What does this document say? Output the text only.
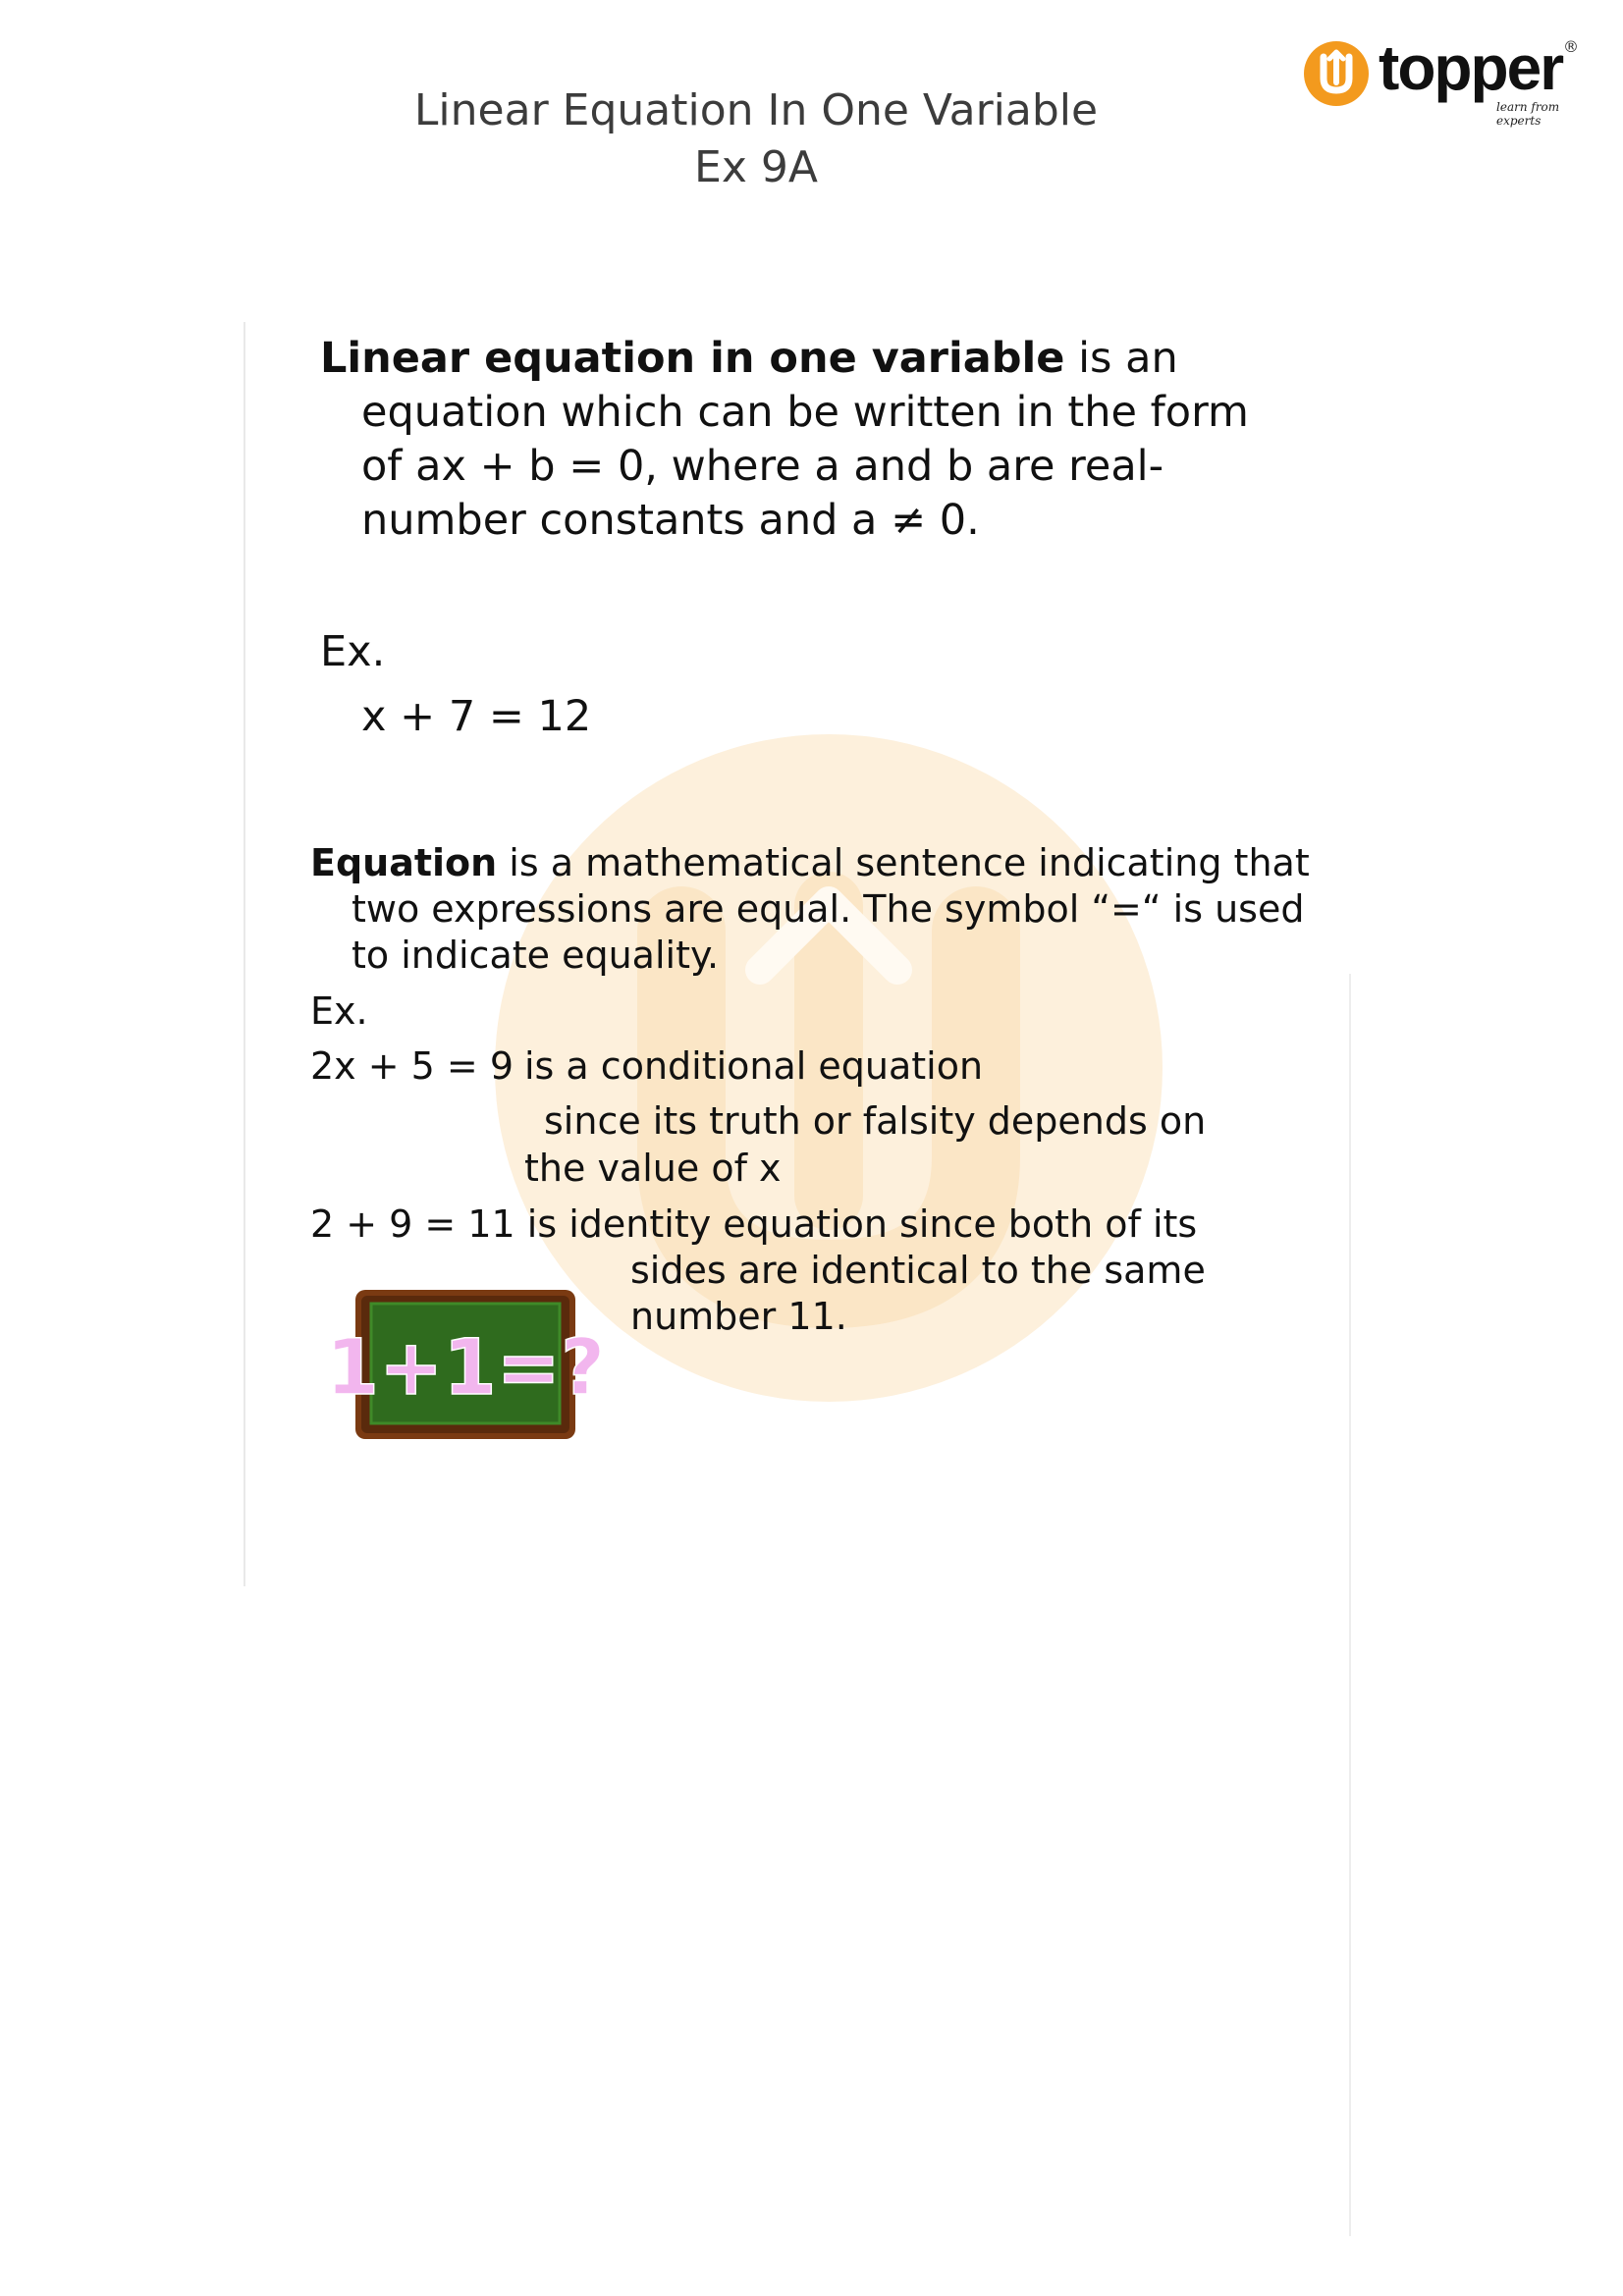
Linear Equation In One Variable
Ex 9A
topper ®
learn from experts
Linear equation in one variable is an
equation which can be written in the form
of ax + b = 0, where a and b are real-
number constants and a ≠ 0.
Ex.
x + 7 = 12
Equation is a mathematical sentence indicating that
two expressions are equal. The symbol “=“ is used
to indicate equality.
Ex.
2x + 5 = 9 is a conditional equation
since its truth or falsity depends on
the value of x
2 + 9 = 11 is identity equation since both of its
sides are identical to the same
number 11.
1+1=?
